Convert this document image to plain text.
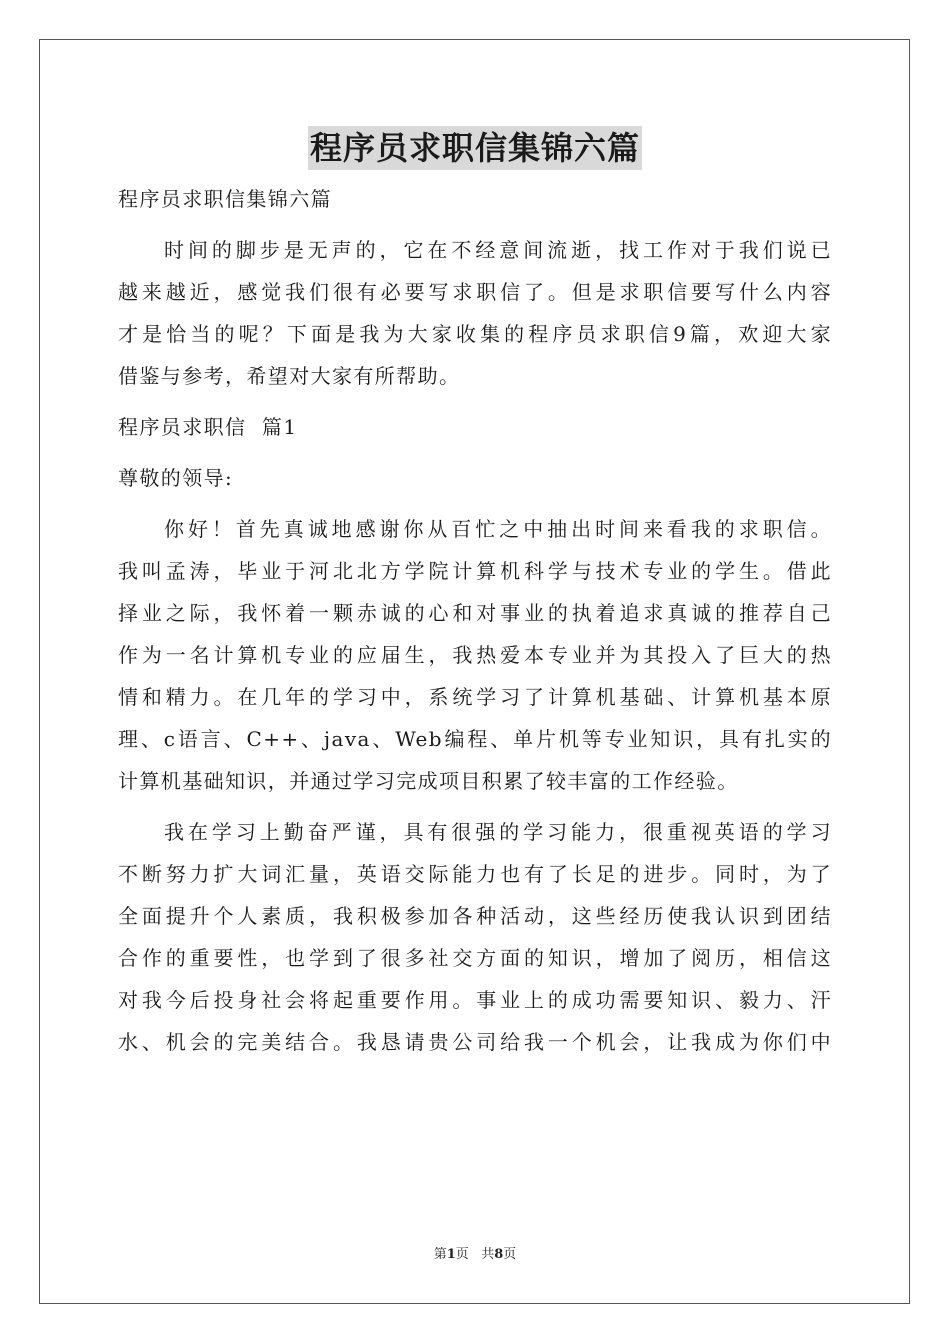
程序员求职信集锦六篇

程序员求职信集锦六篇

时间的脚步是无声的，它在不经意间流逝，找工作对于我们说已

越来越近，感觉我们很有必要写求职信了。但是求职信要写什么内容

才是恰当的呢？下面是我为大家收集的程序员求职信9篇，欢迎大家

借鉴与参考，希望对大家有所帮助。

程序员求职信  篇1

尊敬的领导:

你好！首先真诚地感谢你从百忙之中抽出时间来看我的求职信。

我叫孟涛，毕业于河北北方学院计算机科学与技术专业的学生。借此

择业之际，我怀着一颗赤诚的心和对事业的执着追求真诚的推荐自己

作为一名计算机专业的应届生，我热爱本专业并为其投入了巨大的热

情和精力。在几年的学习中，系统学习了计算机基础、计算机基本原

理、c语言、C++、java、Web编程、单片机等专业知识，具有扎实的

计算机基础知识，并通过学习完成项目积累了较丰富的工作经验。

我在学习上勤奋严谨，具有很强的学习能力，很重视英语的学习

不断努力扩大词汇量，英语交际能力也有了长足的进步。同时，为了

全面提升个人素质，我积极参加各种活动，这些经历使我认识到团结

合作的重要性，也学到了很多社交方面的知识，增加了阅历，相信这

对我今后投身社会将起重要作用。事业上的成功需要知识、毅力、汗

水、机会的完美结合。我恳请贵公司给我一个机会，让我成为你们中

第1页 共8页
